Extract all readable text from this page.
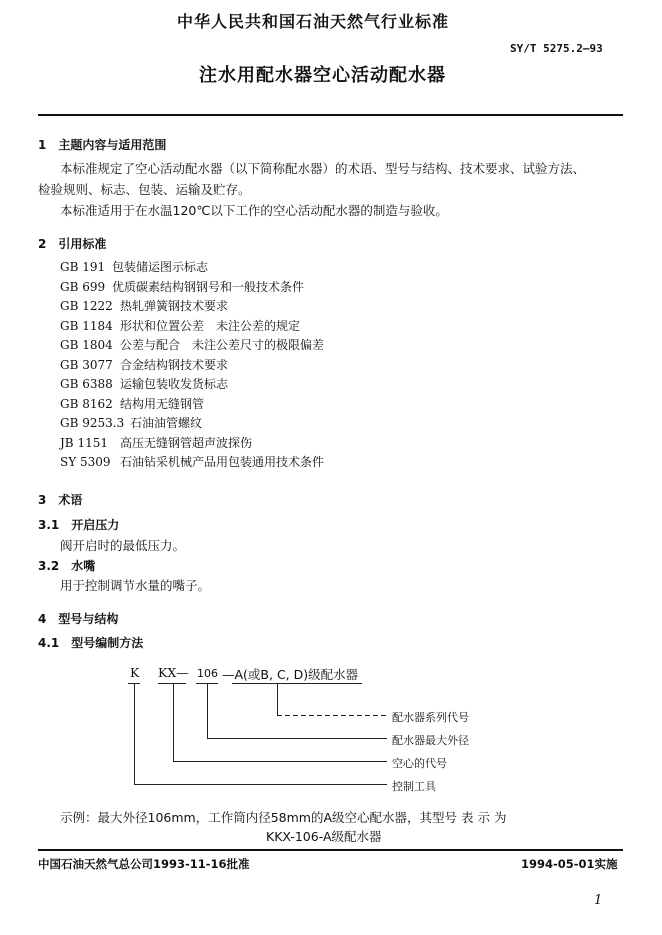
中华人民共和国石油天然气行业标准
SY/T 5275.2—93
注水用配水器空心活动配水器
1　主题内容与适用范围
本标准规定了空心活动配水器（以下简称配水器）的术语、型号与结构、技术要求、试验方法、
检验规则、标志、包装、运输及贮存。
本标准适用于在水温120℃以下工作的空心活动配水器的制造与验收。
2　引用标准
GB 191 包装储运图示标志
GB 699 优质碳素结构钢钢号和一般技术条件
GB 1222 热轧弹簧钢技术要求
GB 1184 形状和位置公差　未注公差的规定
GB 1804 公差与配合　未注公差尺寸的极限偏差
GB 3077 合金结构钢技术要求
GB 6388 运输包装收发货标志
GB 8162 结构用无缝钢管
GB 9253.3 石油油管螺纹
JB 1151 高压无缝钢管超声波探伤
SY 5309 石油钻采机械产品用包装通用技术条件
3　术语
3.1　开启压力
阀开启时的最低压力。
3.2　水嘴
用于控制调节水量的嘴子。
4　型号与结构
4.1　型号编制方法
K KX— 106 —A(或B, C, D)级配水器
配水器系列代号
配水器最大外径
空心的代号
控制工具
示例：最大外径106mm，工作筒内径58mm的A级空心配水器，其型号 表 示 为
KKX-106-A级配水器
中国石油天然气总公司1993-11-16批准	1994-05-01实施
1
